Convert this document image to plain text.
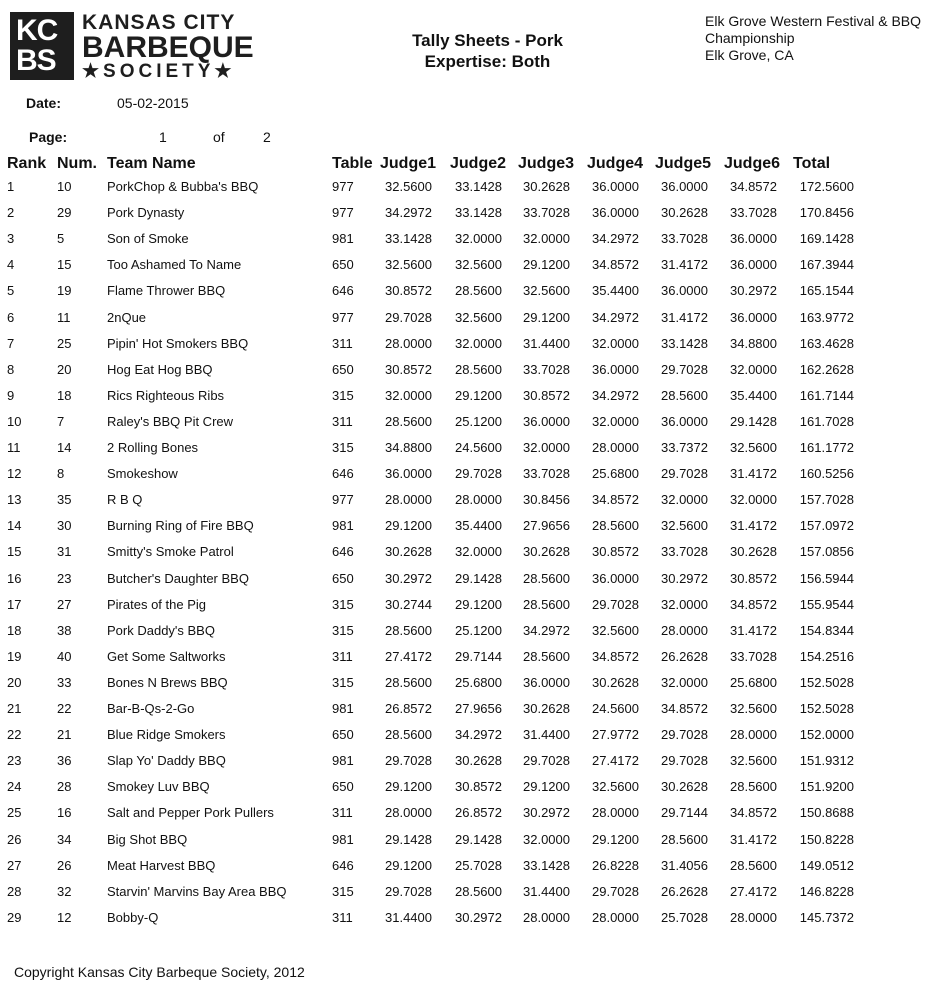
KC
BS
KANSAS CITY
BARBEQUE
★SOCIETY★
Tally Sheets - Pork
Expertise: Both
Elk Grove Western Festival & BBQ
Championship
Elk Grove, CA
Date:	05-02-2015
Page:	1	of	2
Rank Num. Team Name	Table Judge1 Judge2 Judge3 Judge4 Judge5 Judge6 Total
1	10	PorkChop & Bubba's BBQ	977	32.5600	33.1428	30.2628	36.0000	36.0000	34.8572	172.5600
2	29	Pork Dynasty	977	34.2972	33.1428	33.7028	36.0000	30.2628	33.7028	170.8456
3	5	Son of Smoke	981	33.1428	32.0000	32.0000	34.2972	33.7028	36.0000	169.1428
4	15	Too Ashamed To Name	650	32.5600	32.5600	29.1200	34.8572	31.4172	36.0000	167.3944
5	19	Flame Thrower BBQ	646	30.8572	28.5600	32.5600	35.4400	36.0000	30.2972	165.1544
6	11	2nQue	977	29.7028	32.5600	29.1200	34.2972	31.4172	36.0000	163.9772
7	25	Pipin' Hot Smokers BBQ	311	28.0000	32.0000	31.4400	32.0000	33.1428	34.8800	163.4628
8	20	Hog Eat Hog BBQ	650	30.8572	28.5600	33.7028	36.0000	29.7028	32.0000	162.2628
9	18	Rics Righteous Ribs	315	32.0000	29.1200	30.8572	34.2972	28.5600	35.4400	161.7144
10	7	Raley's BBQ Pit Crew	311	28.5600	25.1200	36.0000	32.0000	36.0000	29.1428	161.7028
11	14	2 Rolling Bones	315	34.8800	24.5600	32.0000	28.0000	33.7372	32.5600	161.1772
12	8	Smokeshow	646	36.0000	29.7028	33.7028	25.6800	29.7028	31.4172	160.5256
13	35	R B Q	977	28.0000	28.0000	30.8456	34.8572	32.0000	32.0000	157.7028
14	30	Burning Ring of Fire BBQ	981	29.1200	35.4400	27.9656	28.5600	32.5600	31.4172	157.0972
15	31	Smitty's Smoke Patrol	646	30.2628	32.0000	30.2628	30.8572	33.7028	30.2628	157.0856
16	23	Butcher's Daughter BBQ	650	30.2972	29.1428	28.5600	36.0000	30.2972	30.8572	156.5944
17	27	Pirates of the Pig	315	30.2744	29.1200	28.5600	29.7028	32.0000	34.8572	155.9544
18	38	Pork Daddy's BBQ	315	28.5600	25.1200	34.2972	32.5600	28.0000	31.4172	154.8344
19	40	Get Some Saltworks	311	27.4172	29.7144	28.5600	34.8572	26.2628	33.7028	154.2516
20	33	Bones N Brews BBQ	315	28.5600	25.6800	36.0000	30.2628	32.0000	25.6800	152.5028
21	22	Bar-B-Qs-2-Go	981	26.8572	27.9656	30.2628	24.5600	34.8572	32.5600	152.5028
22	21	Blue Ridge Smokers	650	28.5600	34.2972	31.4400	27.9772	29.7028	28.0000	152.0000
23	36	Slap Yo' Daddy BBQ	981	29.7028	30.2628	29.7028	27.4172	29.7028	32.5600	151.9312
24	28	Smokey Luv BBQ	650	29.1200	30.8572	29.1200	32.5600	30.2628	28.5600	151.9200
25	16	Salt and Pepper Pork Pullers	311	28.0000	26.8572	30.2972	28.0000	29.7144	34.8572	150.8688
26	34	Big Shot BBQ	981	29.1428	29.1428	32.0000	29.1200	28.5600	31.4172	150.8228
27	26	Meat Harvest BBQ	646	29.1200	25.7028	33.1428	26.8228	31.4056	28.5600	149.0512
28	32	Starvin' Marvins Bay Area BBQ	315	29.7028	28.5600	31.4400	29.7028	26.2628	27.4172	146.8228
29	12	Bobby-Q	311	31.4400	30.2972	28.0000	28.0000	25.7028	28.0000	145.7372
Copyright Kansas City Barbeque Society, 2012
